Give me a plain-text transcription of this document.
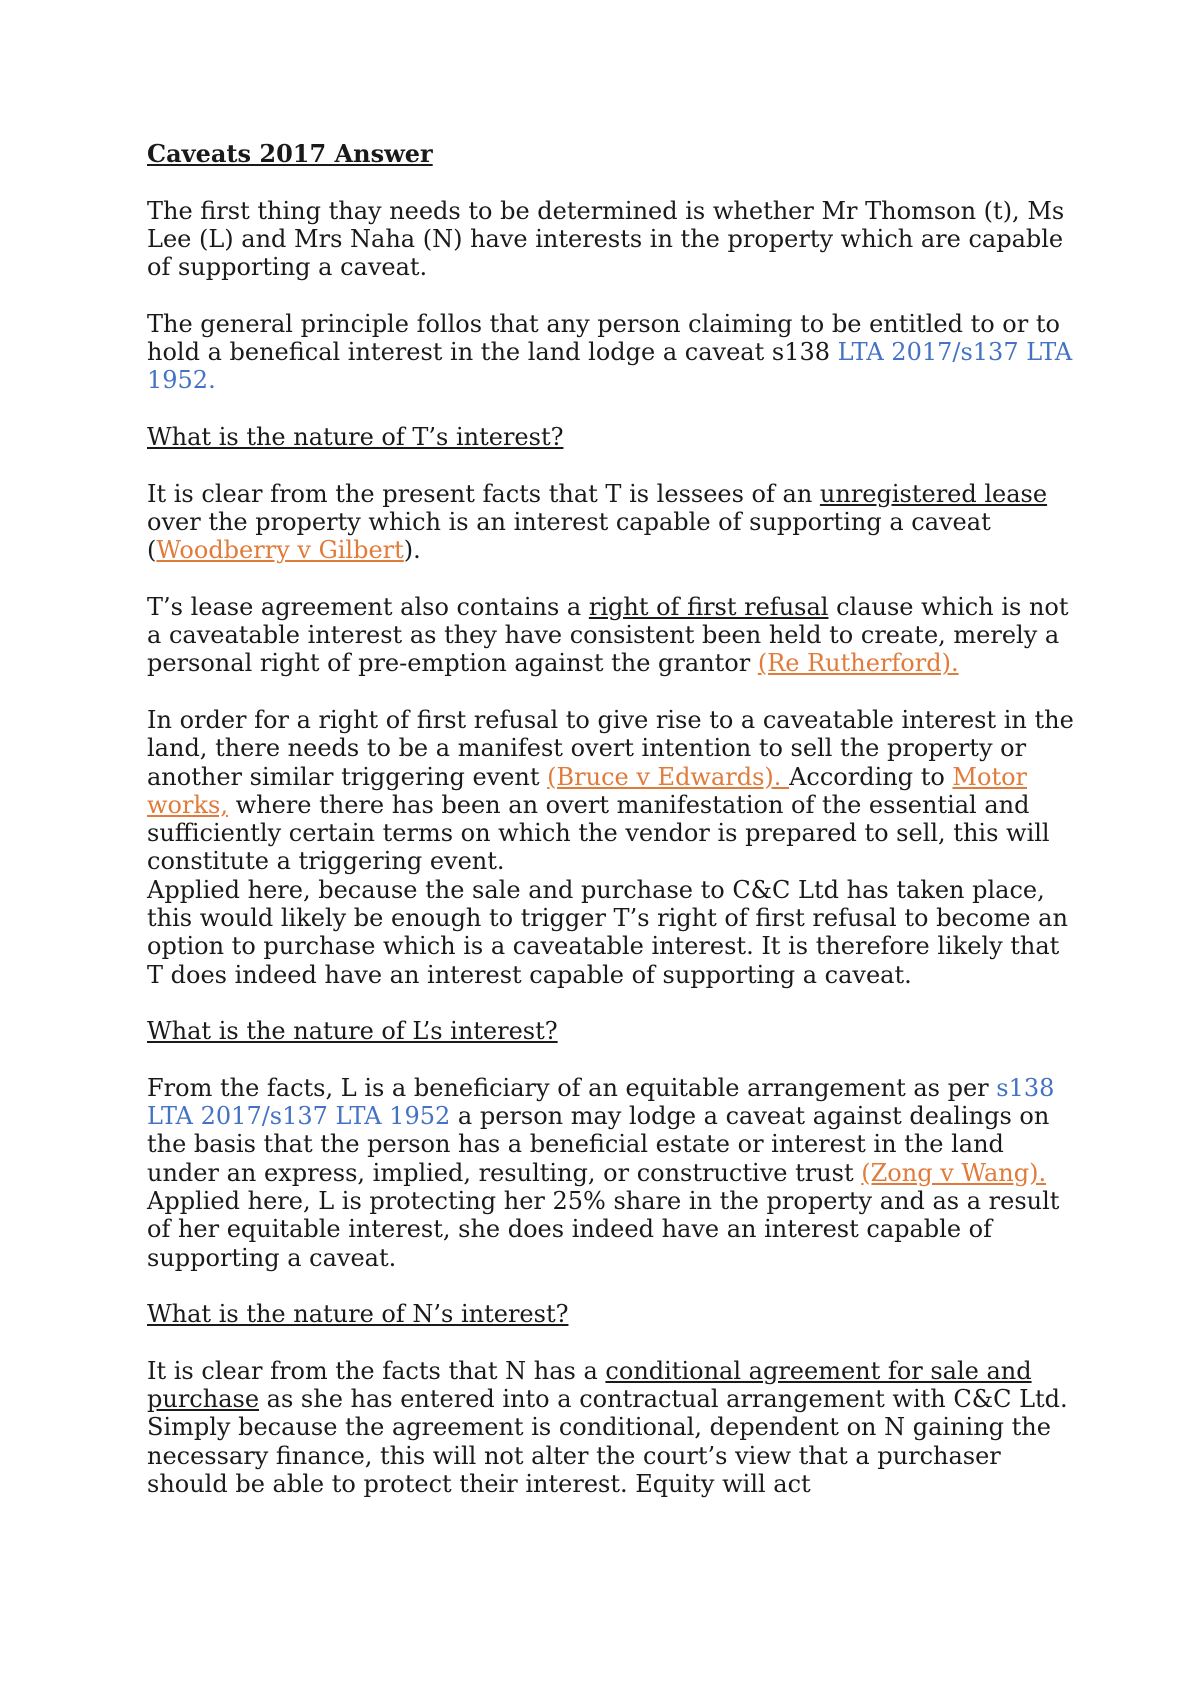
Caveats 2017 Answer

The first thing thay needs to be determined is whether Mr Thomson (t), Ms Lee (L) and Mrs Naha (N) have interests in the property which are capable of supporting a caveat.

The general principle follos that any person claiming to be entitled to or to hold a benefical interest in the land lodge a caveat s138 LTA 2017/s137 LTA 1952.

What is the nature of T’s interest?

It is clear from the present facts that T is lessees of an unregistered lease over the property which is an interest capable of supporting a caveat (Woodberry v Gilbert).

T’s lease agreement also contains a right of first refusal clause which is not a caveatable interest as they have consistent been held to create, merely a personal right of pre-emption against the grantor (Re Rutherford).

In order for a right of first refusal to give rise to a caveatable interest in the land, there needs to be a manifest overt intention to sell the property or another similar triggering event (Bruce v Edwards). According to Motor works, where there has been an overt manifestation of the essential and sufficiently certain terms on which the vendor is prepared to sell, this will constitute a triggering event.

Applied here, because the sale and purchase to C&C Ltd has taken place, this would likely be enough to trigger T’s right of first refusal to become an option to purchase which is a caveatable interest. It is therefore likely that T does indeed have an interest capable of supporting a caveat.

What is the nature of L’s interest?

From the facts, L is a beneficiary of an equitable arrangement as per s138 LTA 2017/s137 LTA 1952 a person may lodge a caveat against dealings on the basis that the person has a beneficial estate or interest in the land under an express, implied, resulting, or constructive trust (Zong v Wang). Applied here, L is protecting her 25% share in the property and as a result of her equitable interest, she does indeed have an interest capable of supporting a caveat.

What is the nature of N’s interest?

It is clear from the facts that N has a conditional agreement for sale and purchase as she has entered into a contractual arrangement with C&C Ltd. Simply because the agreement is conditional, dependent on N gaining the necessary finance, this will not alter the court’s view that a purchaser should be able to protect their interest. Equity will act
